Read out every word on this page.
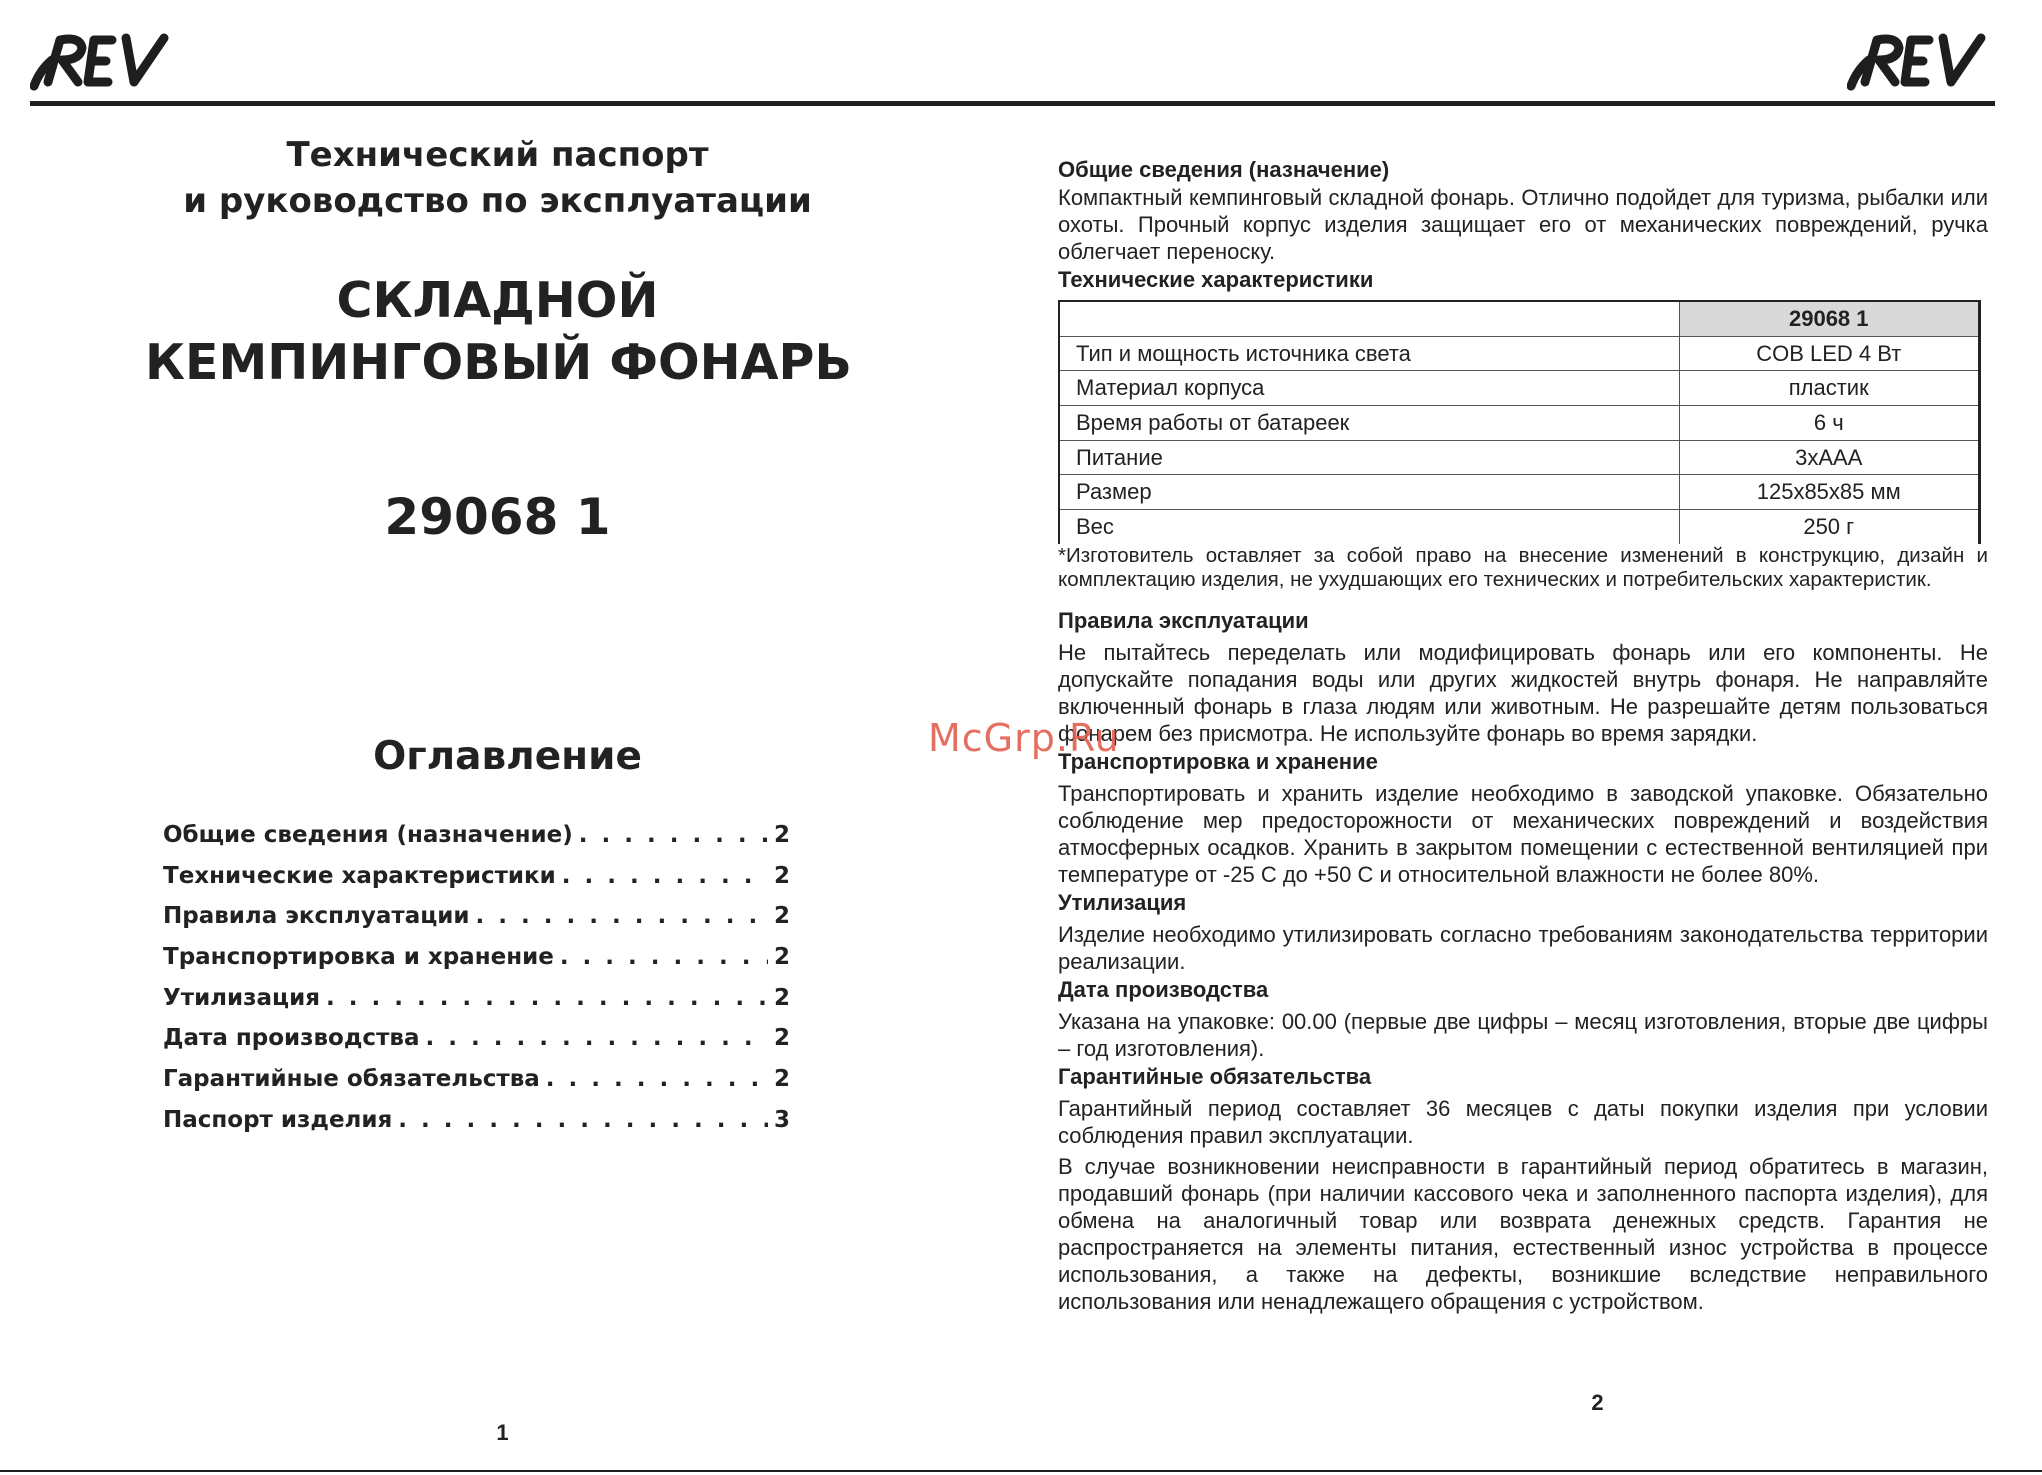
Технический паспорт
и руководство по эксплуатации
СКЛАДНОЙ
КЕМПИНГОВЫЙ ФОНАРЬ
29068 1
Оглавление
Общие сведения (назначение) . . .	2
Технические характеристики . . .	2
Правила эксплуатации . . .	2
Транспортировка и хранение . . .	2
Утилизация . . .	2
Дата производства . . .	2
Гарантийные обязательства . . .	2
Паспорт изделия . . .	3
1
Общие сведения (назначение)

Компактный кемпинговый складной фонарь. Отлично подойдет для туризма, рыбалки или охоты. Прочный корпус изделия защищает его от механических повреждений, ручка облегчает переноску.

Технические характеристики
	29068 1
Тип и мощность источника света	COB LED 4 Вт
Материал корпуса	пластик
Время работы от батареек	6 ч
Питание	3хAAA
Размер	125х85х85 мм
Вес	250 г

*Изготовитель оставляет за собой право на внесение изменений в конструкцию, дизайн и комплектацию изделия, не ухудшающих его технических и потребительских характеристик.

Правила эксплуатации

Не пытайтесь переделать или модифицировать фонарь или его компоненты. Не допускайте попадания воды или других жидкостей внутрь фонаря. Не направляйте включенный фонарь в глаза людям или животным. Не разрешайте детям пользоваться фонарем без присмотра. Не используйте фонарь во время зарядки.

Транспортировка и хранение

Транспортировать и хранить изделие необходимо в заводской упаковке. Обязательно соблюдение мер предосторожности от механических повреждений и воздействия атмосферных осадков. Хранить в закрытом помещении с естественной вентиляцией при температуре от -25 С до +50 С и относительной влажности не более 80%.

Утилизация

Изделие необходимо утилизировать согласно требованиям законодательства территории реализации.

Дата производства

Указана на упаковке: 00.00 (первые две цифры – месяц изготовления, вторые две цифры – год изготовления).

Гарантийные обязательства

Гарантийный период составляет 36 месяцев с даты покупки изделия при условии соблюдения правил эксплуатации.

В случае возникновении неисправности в гарантийный период обратитесь в магазин, продавший фонарь (при наличии кассового чека и заполненного паспорта изделия), для обмена на аналогичный товар или возврата денежных средств. Гарантия не распространяется на элементы питания, естественный износ устройства в процессе использования, а также на дефекты, возникшие вследствие неправильного использования или ненадлежащего обращения с устройством.

2
McGrp.Ru
